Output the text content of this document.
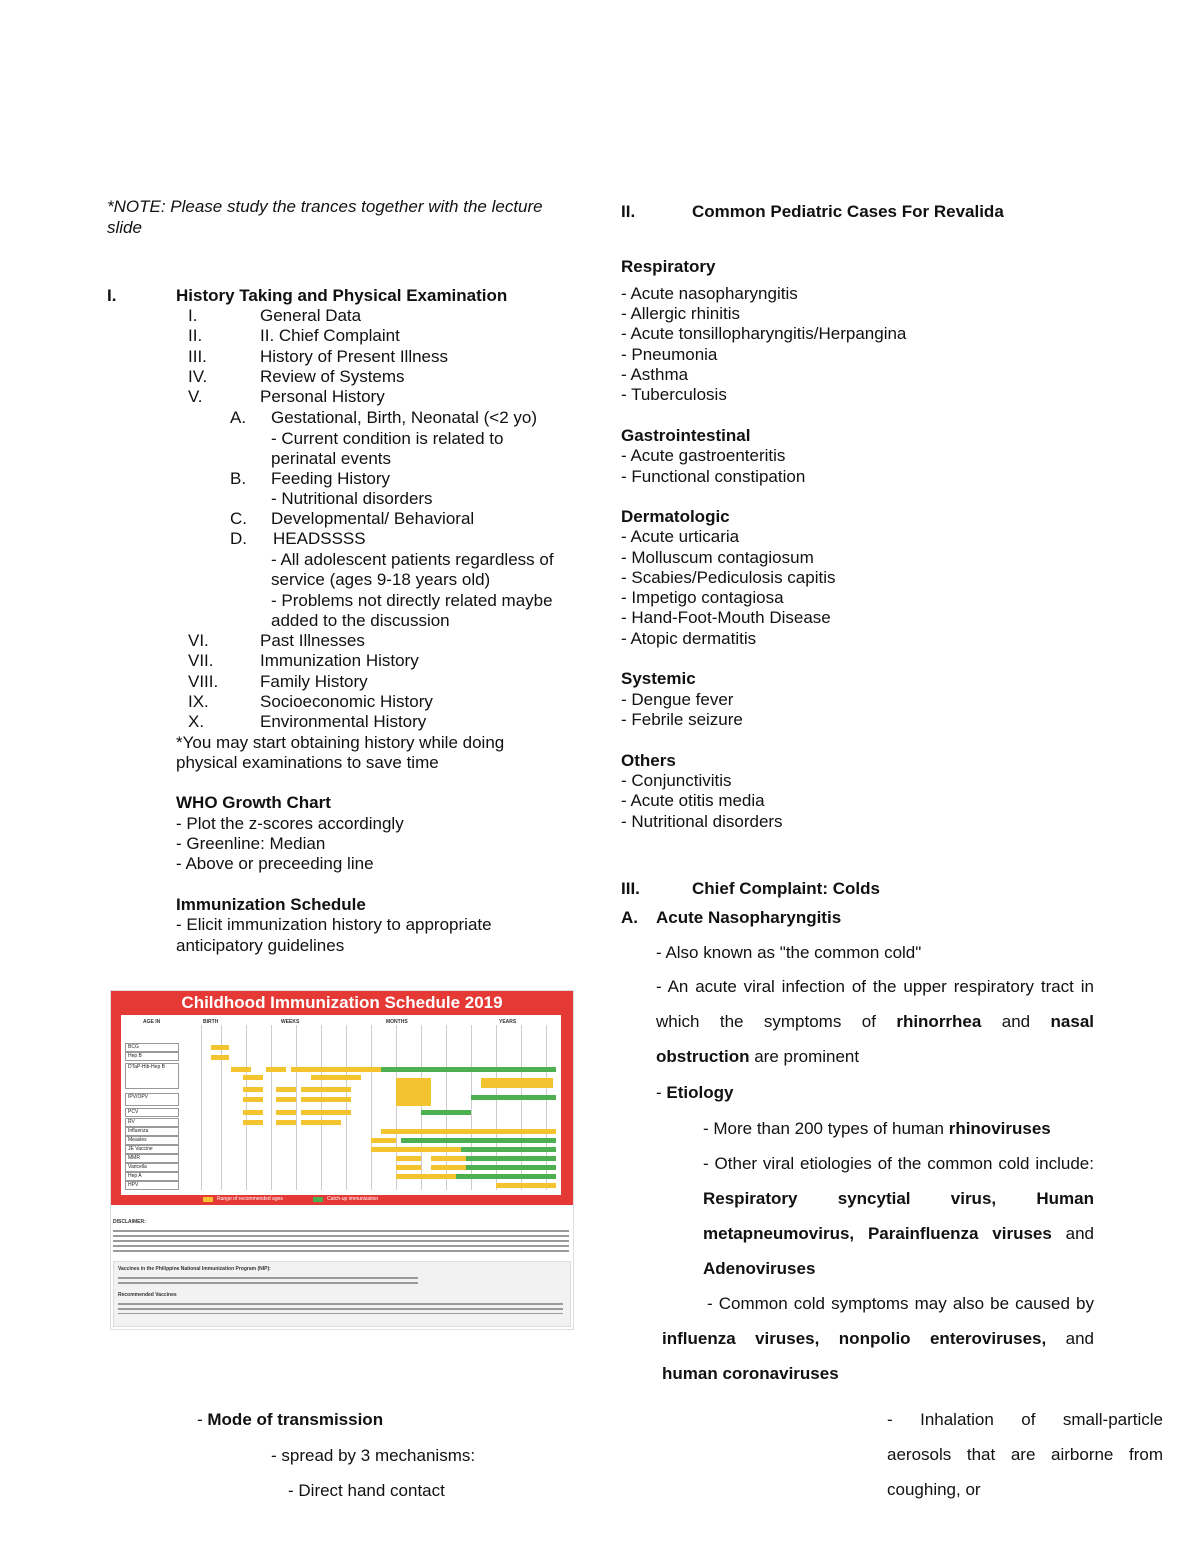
*NOTE: Please study the trances together with the lecture slide
I.	History Taking and Physical Examination
I.	General Data
II.	II. Chief Complaint
III.	History of Present Illness
IV.	Review of Systems
V.	Personal History
A. Gestational, Birth, Neonatal (<2 yo)
- Current condition is related to
perinatal events
B. Feeding History
- Nutritional disorders
C. Developmental/ Behavioral
D. HEADSSSS
- All adolescent patients regardless of
service (ages 9-18 years old)
- Problems not directly related maybe
added to the discussion
VI.	Past Illnesses
VII.	Immunization History
VIII. Family History
IX.	Socioeconomic History
X.	Environmental History
*You may start obtaining history while doing
physical examinations to save time
WHO Growth Chart
- Plot the z-scores accordingly
- Greenline: Median
- Above or preceeding line
Immunization Schedule
- Elicit immunization history to appropriate
anticipatory guidelines
Childhood Immunization Schedule 2019
AGE IN	BIRTH	WEEKS	MONTHS	YEARS
BCG
Hep B
DTaP-Hib-Hep B
IPV/OPV
PCV
RV
Influenza
Measles
JE Vaccine
MMR
Varicella
Hep A
HPV
Range of recommended ages	Catch-up immunization
DISCLAIMER:
Vaccines in the Philippine National Immunization Program (NIP):
Recommended Vaccines
II.	Common Pediatric Cases For Revalida
Respiratory
- Acute nasopharyngitis
- Allergic rhinitis
- Acute tonsillopharyngitis/Herpangina
- Pneumonia
- Asthma
- Tuberculosis
Gastrointestinal
- Acute gastroenteritis
- Functional constipation
Dermatologic
- Acute urticaria
- Molluscum contagiosum
- Scabies/Pediculosis capitis
- Impetigo contagiosa
- Hand-Foot-Mouth Disease
- Atopic dermatitis
Systemic
- Dengue fever
- Febrile seizure
Others
- Conjunctivitis
- Acute otitis media
- Nutritional disorders
III.	Chief Complaint: Colds
A. Acute Nasopharyngitis
- Also known as "the common cold"
- An acute viral infection of the upper respiratory tract in which the symptoms of rhinorrhea and nasal obstruction are prominent
- Etiology
- More than 200 types of human rhinoviruses
- Other viral etiologies of the common cold include: Respiratory syncytial virus, Human metapneumovirus, Parainfluenza viruses and Adenoviruses
- Common cold symptoms may also be caused by influenza viruses, nonpolio enteroviruses, and human coronaviruses
- Mode of transmission
- spread by 3 mechanisms:
- Direct hand contact
- Inhalation of small-particle aerosols that are airborne from coughing, or
